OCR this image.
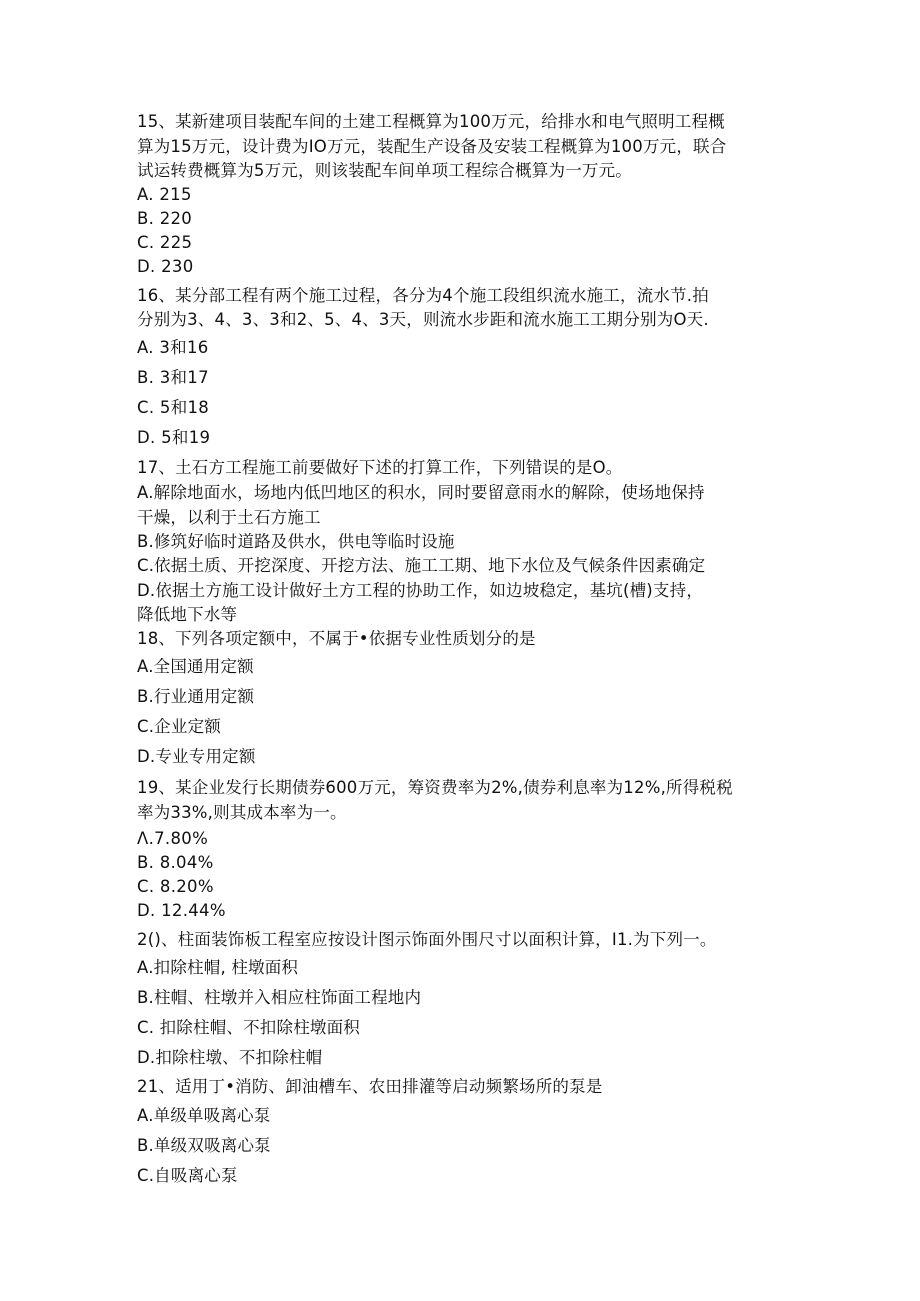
15、某新建项目装配车间的土建工程概算为100万元，给排水和电气照明工程概
算为15万元，设计费为IO万元，装配生产设备及安装工程概算为100万元，联合
试运转费概算为5万元，则该装配车间单项工程综合概算为一万元。
A. 215
B. 220
C. 225
D. 230
16、某分部工程有两个施工过程，各分为4个施工段组织流水施工，流水节.拍
分别为3、4、3、3和2、5、4、3天，则流水步距和流水施工工期分别为O天.
A. 3和16
B. 3和17
C. 5和18
D. 5和19
17、土石方工程施工前要做好下述的打算工作，下列错误的是O。
A.解除地面水，场地内低凹地区的积水，同时要留意雨水的解除，使场地保持
干燥，以利于土石方施工
B.修筑好临时道路及供水，供电等临时设施
C.依据土质、开挖深度、开挖方法、施工工期、地下水位及气候条件因素确定
D.依据土方施工设计做好土方工程的协助工作，如边坡稳定，基坑(槽)支持，
降低地下水等
18、下列各项定额中，不属于•依据专业性质划分的是
A.全国通用定额
B.行业通用定额
C.企业定额
D.专业专用定额
19、某企业发行长期债券600万元，筹资费率为2%,债券利息率为12%,所得税税
率为33%,则其成本率为一。
Λ.7.80%
B. 8.04%
C. 8.20%
D. 12.44%
2()、柱面装饰板工程室应按设计图示饰面外围尺寸以面积计算，I1.为下列一。
A.扣除柱帽, 柱墩面积
B.柱帽、柱墩并入相应柱饰面工程地内
C. 扣除柱帽、不扣除柱墩面积
D.扣除柱墩、不扣除柱帽
21、适用丁•消防、卸油槽车、农田排灌等启动频繁场所的泵是
A.单级单吸离心泵
B.单级双吸离心泵
C.自吸离心泵
